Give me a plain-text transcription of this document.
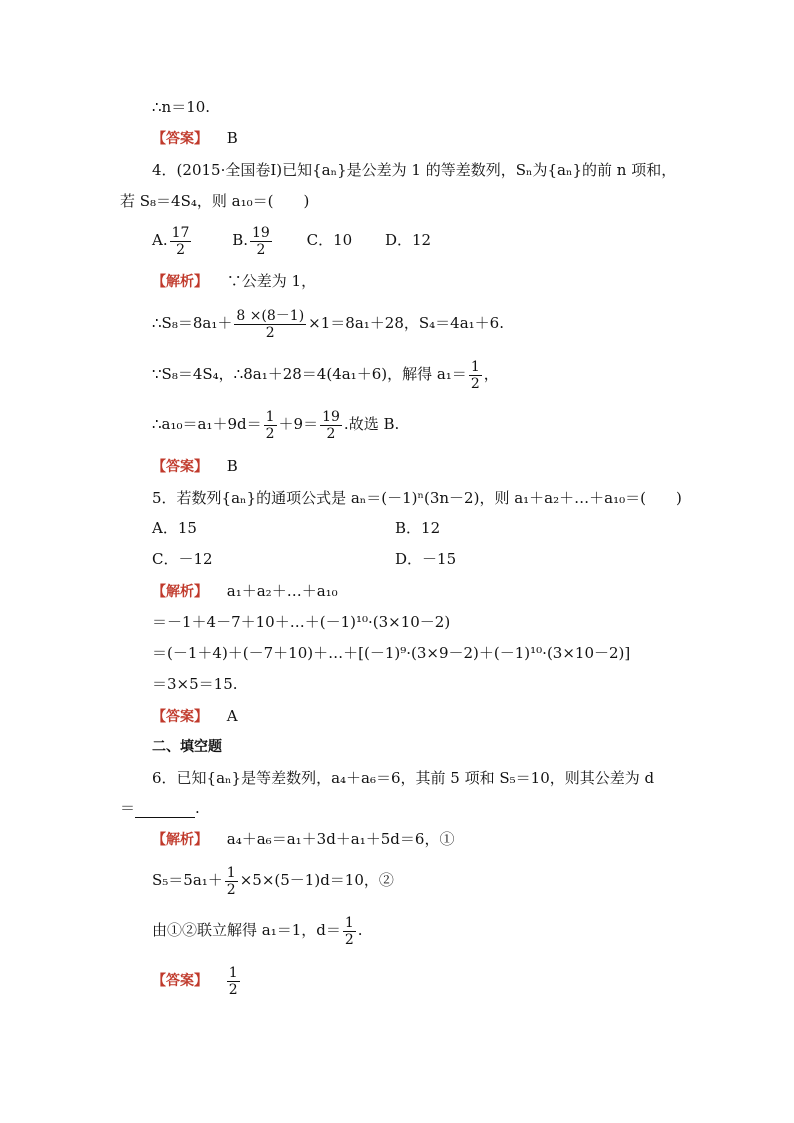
∴n＝10.
【答案】 B
4．(2015·全国卷Ⅰ)已知{aₙ}是公差为 1 的等差数列，Sₙ为{aₙ}的前 n 项和，
若 S₈＝4S₄，则 a₁₀＝(　　)
A. $\frac{17}{2}$	B. $\frac{19}{2}$ C．10 D．12
【解析】 ∵公差为 1，
∴S₈＝8a₁＋ $\frac{8 \times(8-1)}{2} \times 1=8a_1+28$，S₄＝4a₁＋6.
∵S₈＝4S₄，∴8a₁＋28＝4(4a₁＋6)，解得 $a_1= \frac{1}{2}$ ，
∴a₁₀＝a₁＋9d＝ $\frac{1}{2} +9= \frac{19}{2}$ .故选 B.
【答案】 B
5．若数列{aₙ}的通项公式是 aₙ＝(－1)ⁿ(3n－2)，则 a₁＋a₂＋…＋a₁₀＝(　　)
A．15	B．12
C．－12	D．－15
【解析】 a₁＋a₂＋…＋a₁₀
＝－1＋4－7＋10＋…＋(－1)¹⁰·(3×10－2)
＝(－1＋4)＋(－7＋10)＋…＋[(－1)⁹·(3×9－2)＋(－1)¹⁰·(3×10－2)]
＝3×5＝15.
【答案】 A
二、填空题
6．已知{aₙ}是等差数列，a₄＋a₆＝6，其前 5 项和 S₅＝10，则其公差为 d
＝	.
【解析】 a₄＋a₆＝a₁＋3d＋a₁＋5d＝6，①
$S_5=5a_1+ \frac{1}{2} \times 5\times(5-1)d=10$，②
由①②联立解得 a₁＝1，$d= \frac{1}{2}$ .
【答案】 $\frac{1}{2}$
